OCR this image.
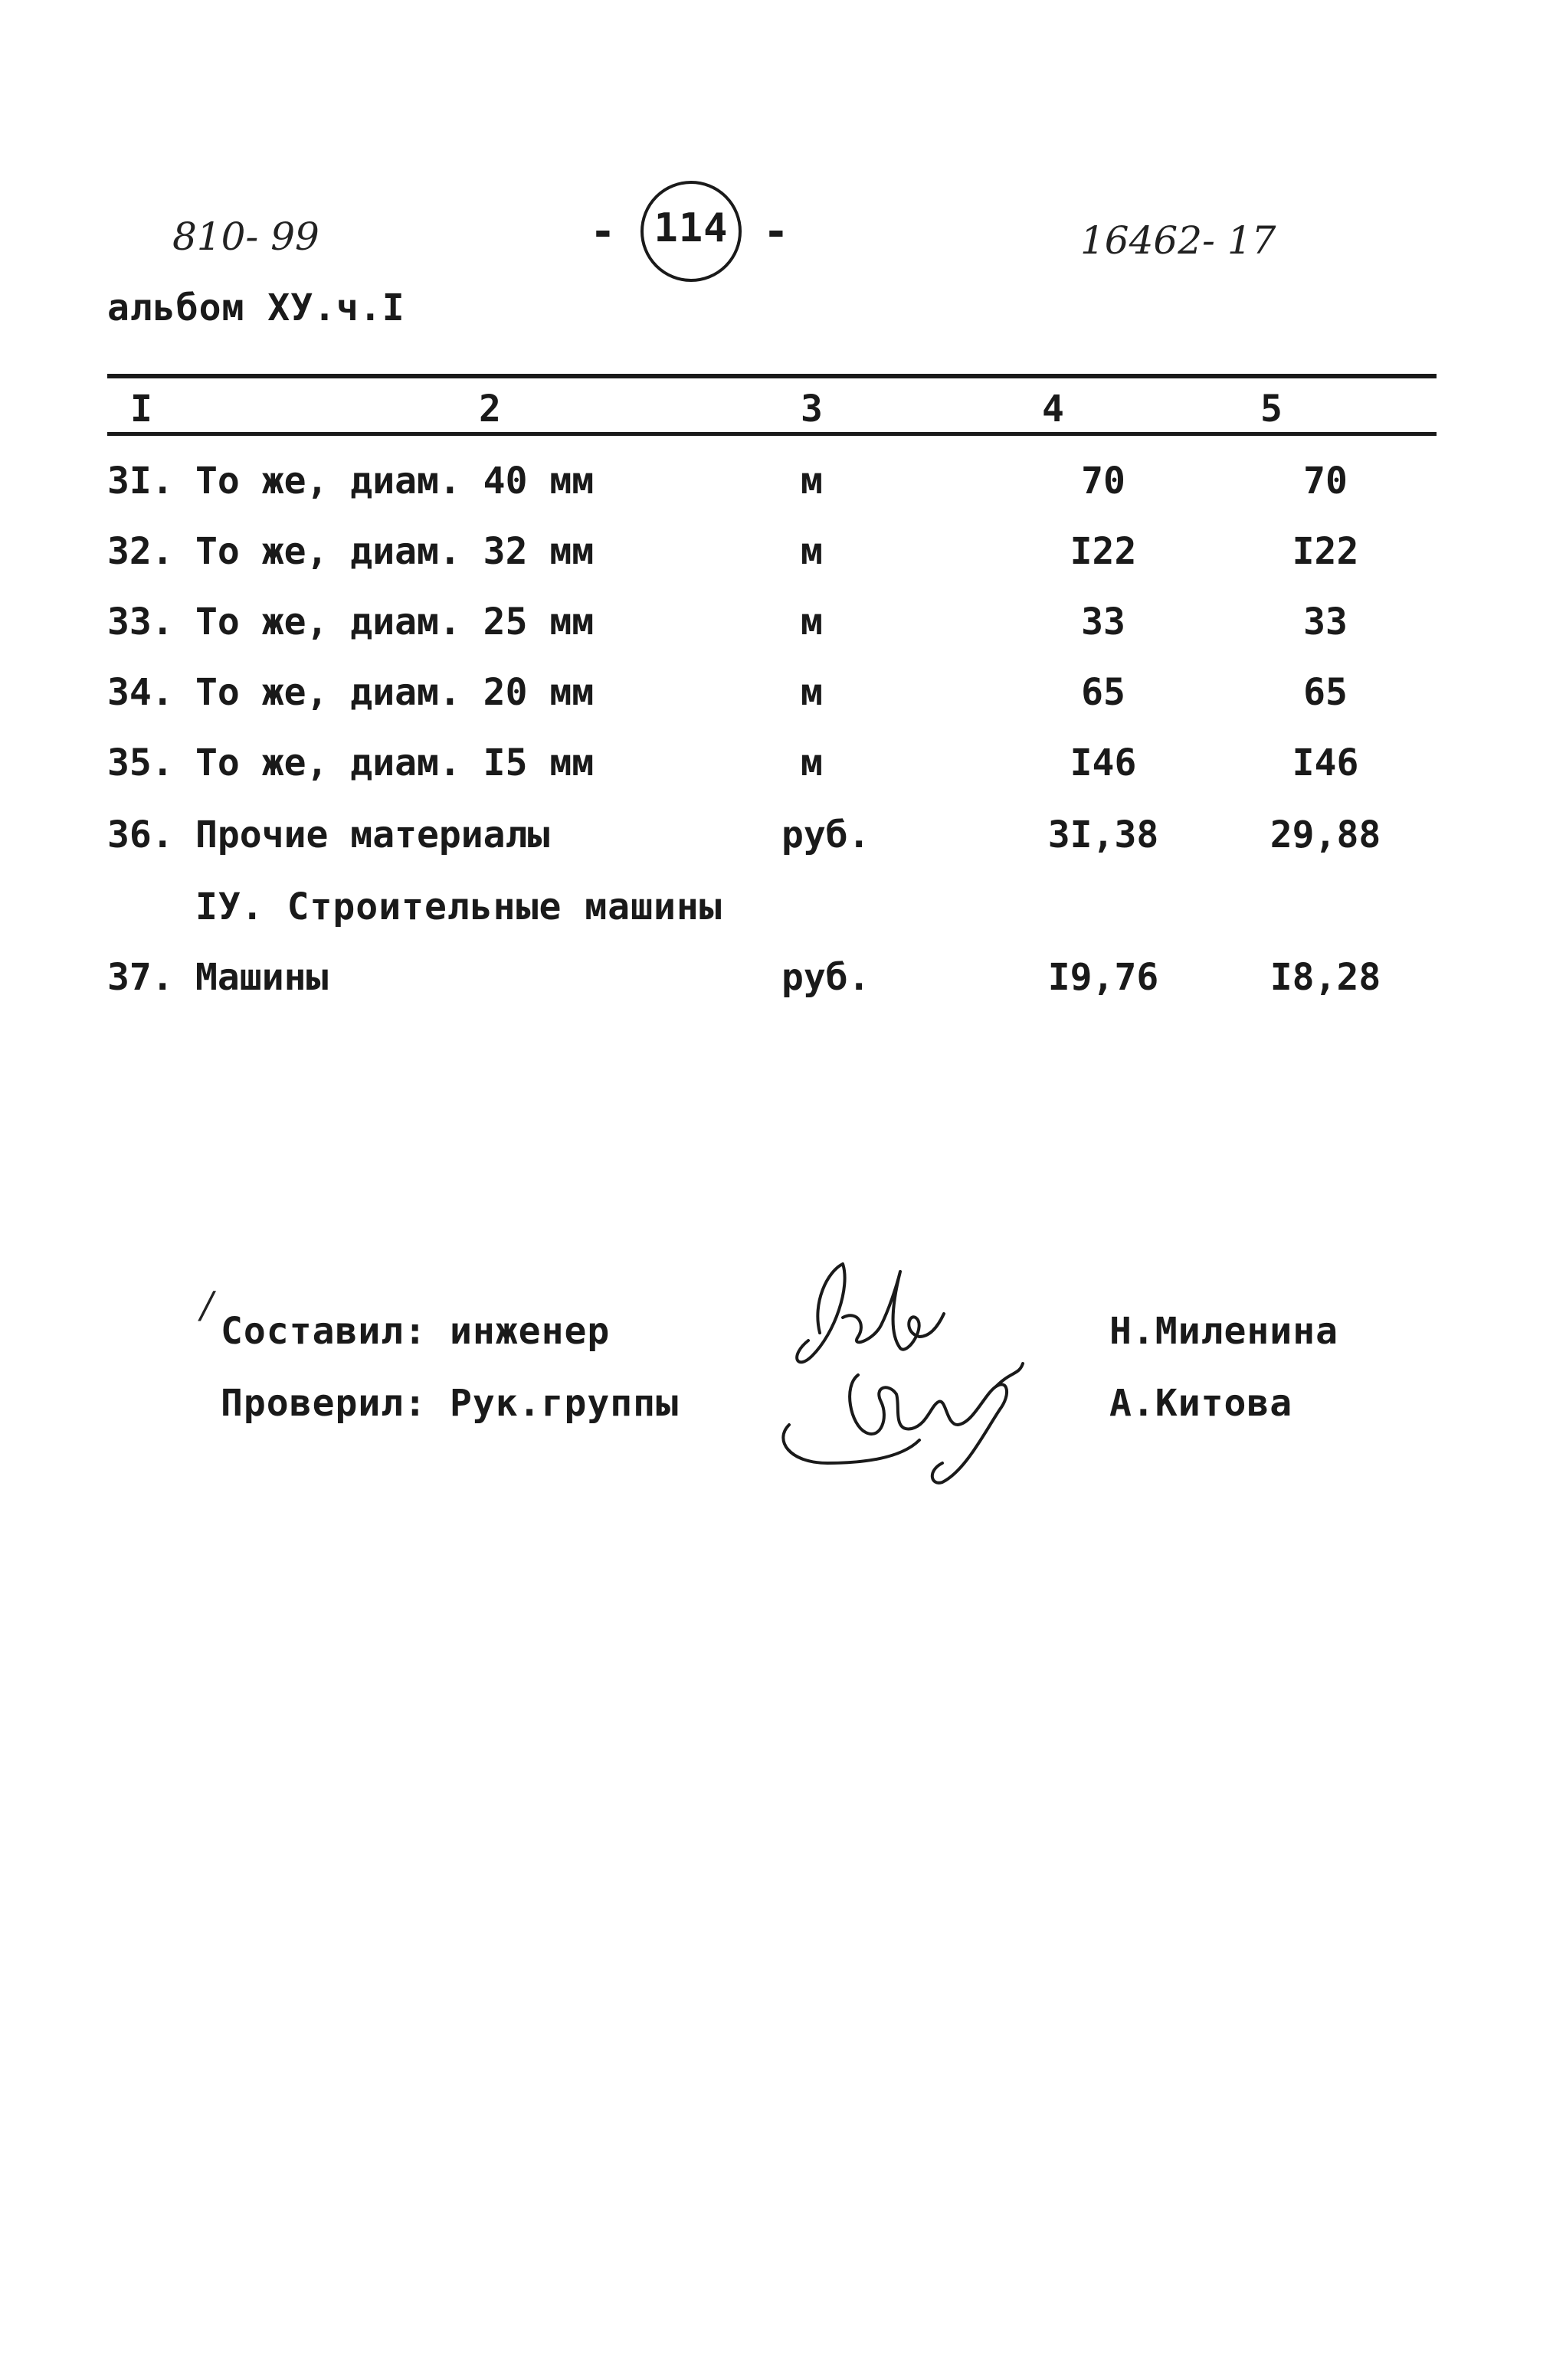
810- 99	- 114 -	16462- 17
альбом ХУ.ч.I
I	2	3	4	5
3I. То же, диам. 40 мм	м	70	70
32. То же, диам. 32 мм	м	I22	I22
33. То же, диам. 25 мм	м	33	33
34. То же, диам. 20 мм	м	65	65
35. То же, диам. I5 мм	м	I46	I46
36. Прочие материалы	руб.	3I,38	29,88
IУ. Строительные машины
37. Машины	руб.	I9,76	I8,28
/
Составил: инженер	Н.Миленина
Проверил: Рук.группы	А.Китова
